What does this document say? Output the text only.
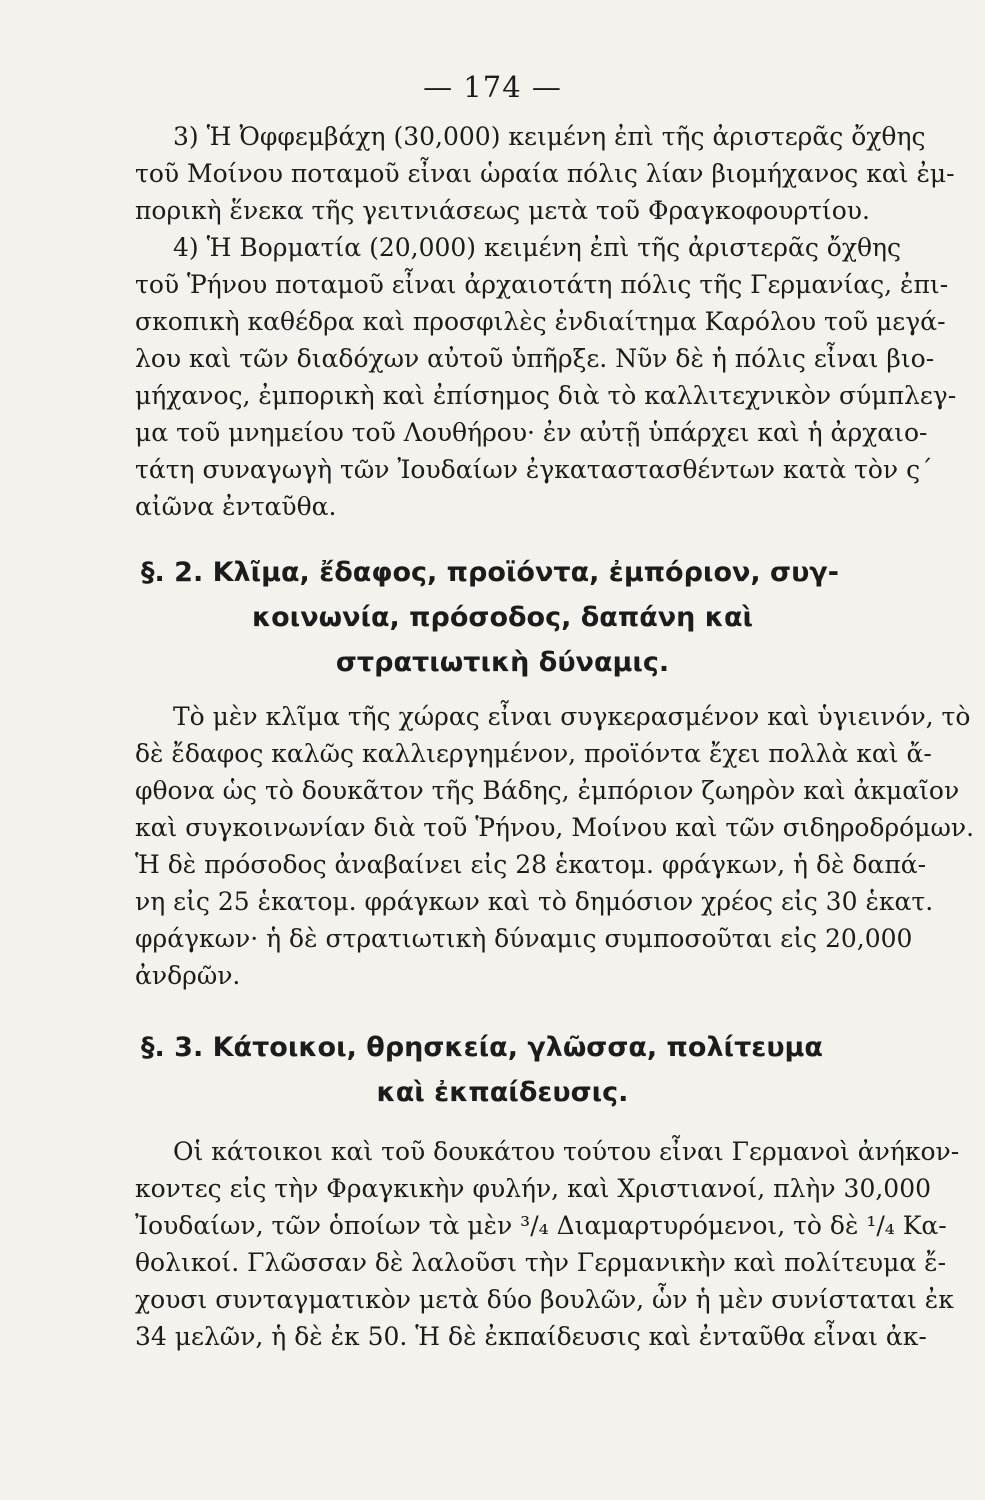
— 174 —
3) Ἡ Ὀφφεμβάχη (30,000) κειμένη ἐπὶ τῆς ἀριστερᾶς ὄχθης
τοῦ Μοίνου ποταμοῦ εἶναι ὡραία πόλις λίαν βιομήχανος καὶ ἐμ-
πορικὴ ἕνεκα τῆς γειτνιάσεως μετὰ τοῦ Φραγκοφουρτίου.
4) Ἡ Βορματία (20,000) κειμένη ἐπὶ τῆς ἀριστερᾶς ὄχθης
τοῦ Ῥήνου ποταμοῦ εἶναι ἀρχαιοτάτη πόλις τῆς Γερμανίας, ἐπι-
σκοπικὴ καθέδρα καὶ προσφιλὲς ἐνδιαίτημα Καρόλου τοῦ μεγά-
λου καὶ τῶν διαδόχων αὐτοῦ ὑπῆρξε. Νῦν δὲ ἡ πόλις εἶναι βιο-
μήχανος, ἐμπορικὴ καὶ ἐπίσημος διὰ τὸ καλλιτεχνικὸν σύμπλεγ-
μα τοῦ μνημείου τοῦ Λουθήρου· ἐν αὐτῇ ὑπάρχει καὶ ἡ ἀρχαιο-
τάτη συναγωγὴ τῶν Ἰουδαίων ἐγκαταστασθέντων κατὰ τὸν ς΄
αἰῶνα ἐνταῦθα.
§. 2. Κλῖμα, ἔδαφος, προϊόντα, ἐμπόριον, συγ-
κοινωνία, πρόσοδος, δαπάνη καὶ
στρατιωτικὴ δύναμις.
Τὸ μὲν κλῖμα τῆς χώρας εἶναι συγκερασμένον καὶ ὑγιεινόν, τὸ
δὲ ἔδαφος καλῶς καλλιεργημένον, προϊόντα ἔχει πολλὰ καὶ ἄ-
φθονα ὡς τὸ δουκᾶτον τῆς Βάδης, ἐμπόριον ζωηρὸν καὶ ἀκμαῖον
καὶ συγκοινωνίαν διὰ τοῦ Ῥήνου, Μοίνου καὶ τῶν σιδηροδρόμων.
Ἡ δὲ πρόσοδος ἀναβαίνει εἰς 28 ἑκατομ. φράγκων, ἡ δὲ δαπά-
νη εἰς 25 ἑκατομ. φράγκων καὶ τὸ δημόσιον χρέος εἰς 30 ἑκατ.
φράγκων· ἡ δὲ στρατιωτικὴ δύναμις συμποσοῦται εἰς 20,000
ἀνδρῶν.
§. 3. Κάτοικοι, θρησκεία, γλῶσσα, πολίτευμα
καὶ ἐκπαίδευσις.
Οἱ κάτοικοι καὶ τοῦ δουκάτου τούτου εἶναι Γερμανοὶ ἀνήκον-
κοντες εἰς τὴν Φραγκικὴν φυλήν, καὶ Χριστιανοί, πλὴν 30,000
Ἰουδαίων, τῶν ὁποίων τὰ μὲν ³/₄ Διαμαρτυρόμενοι, τὸ δὲ ¹/₄ Κα-
θολικοί. Γλῶσσαν δὲ λαλοῦσι τὴν Γερμανικὴν καὶ πολίτευμα ἔ-
χουσι συνταγματικὸν μετὰ δύο βουλῶν, ὧν ἡ μὲν συνίσταται ἐκ
34 μελῶν, ἡ δὲ ἐκ 50. Ἡ δὲ ἐκπαίδευσις καὶ ἐνταῦθα εἶναι ἀκ-
